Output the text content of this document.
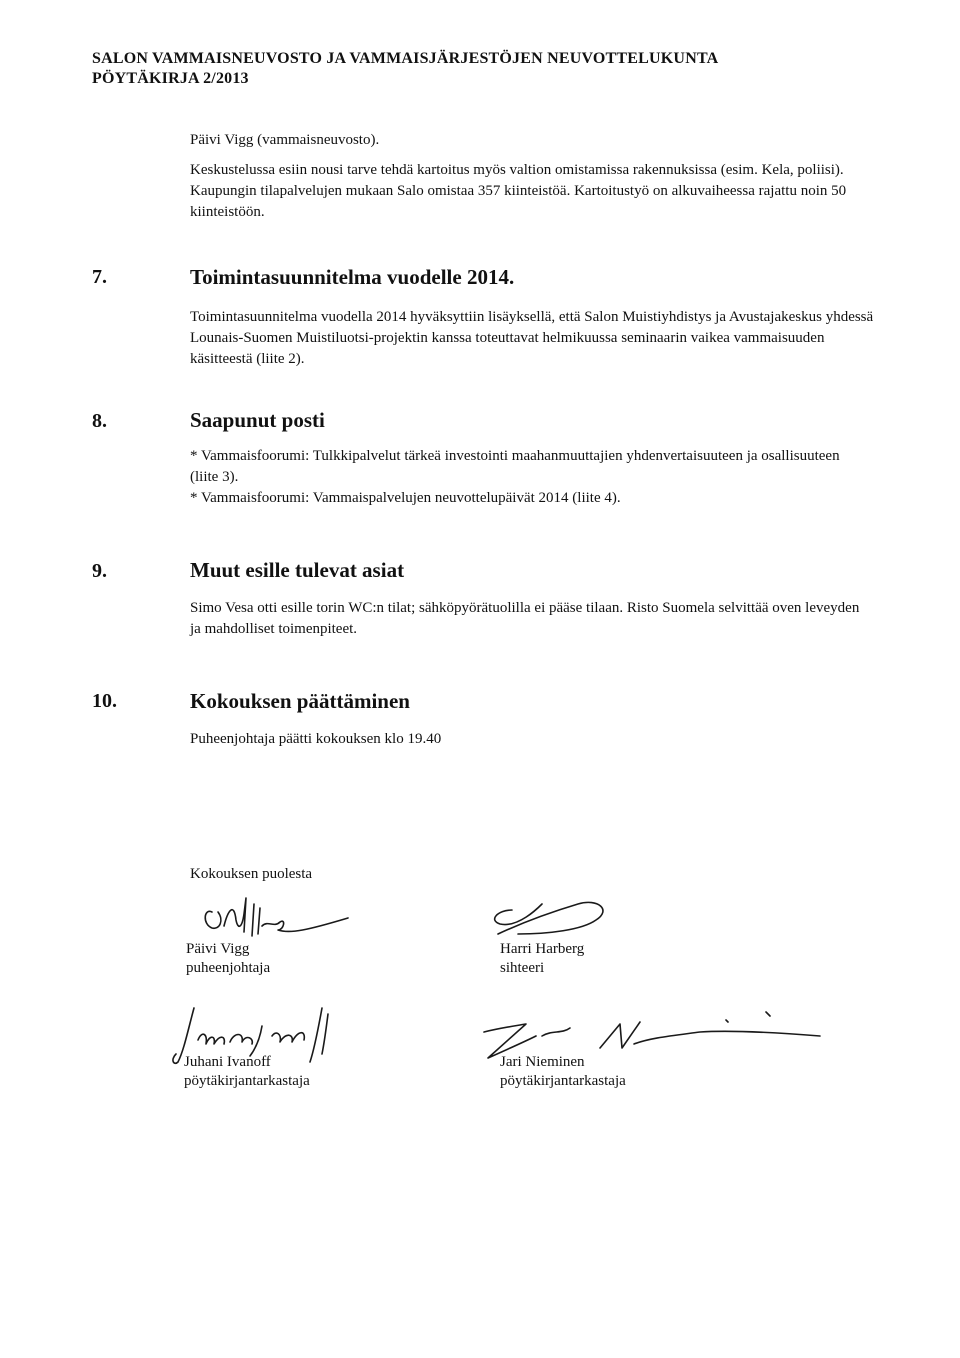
SALON VAMMAISNEUVOSTO JA VAMMAISJÄRJESTÖJEN NEUVOTTELUKUNTA
PÖYTÄKIRJA 2/2013

Päivi Vigg (vammaisneuvosto).

Keskustelussa esiin nousi tarve tehdä kartoitus myös valtion omistamissa rakennuksissa (esim. Kela, poliisi). Kaupungin tilapalvelujen mukaan Salo omistaa 357 kiinteistöä. Kartoitustyö on alkuvaiheessa rajattu noin 50 kiinteistöön.

7.	Toimintasuunnitelma vuodelle 2014.

Toimintasuunnitelma vuodella 2014 hyväksyttiin lisäyksellä, että Salon Muistiyhdistys ja Avustajakeskus yhdessä Lounais-Suomen Muistiluotsi-projektin kanssa toteuttavat helmikuussa seminaarin vaikea vammaisuuden käsitteestä (liite 2).

8.	Saapunut posti

* Vammaisfoorumi: Tulkkipalvelut tärkeä investointi maahanmuuttajien yhdenvertaisuuteen ja osallisuuteen (liite 3).

* Vammaisfoorumi: Vammaispalvelujen neuvottelupäivät 2014 (liite 4).

9.	Muut esille tulevat asiat

Simo Vesa otti esille torin WC:n tilat; sähköpyörätuolilla ei pääse tilaan. Risto Suomela selvittää oven leveyden ja mahdolliset toimenpiteet.

10.	Kokouksen päättäminen

Puheenjohtaja päätti kokouksen klo 19.40

Kokouksen puolesta

Päivi Vigg
puheenjohtaja
Harri Harberg
sihteeri
Juhani Ivanoff
pöytäkirjantarkastaja
Jari Nieminen
pöytäkirjantarkastaja
